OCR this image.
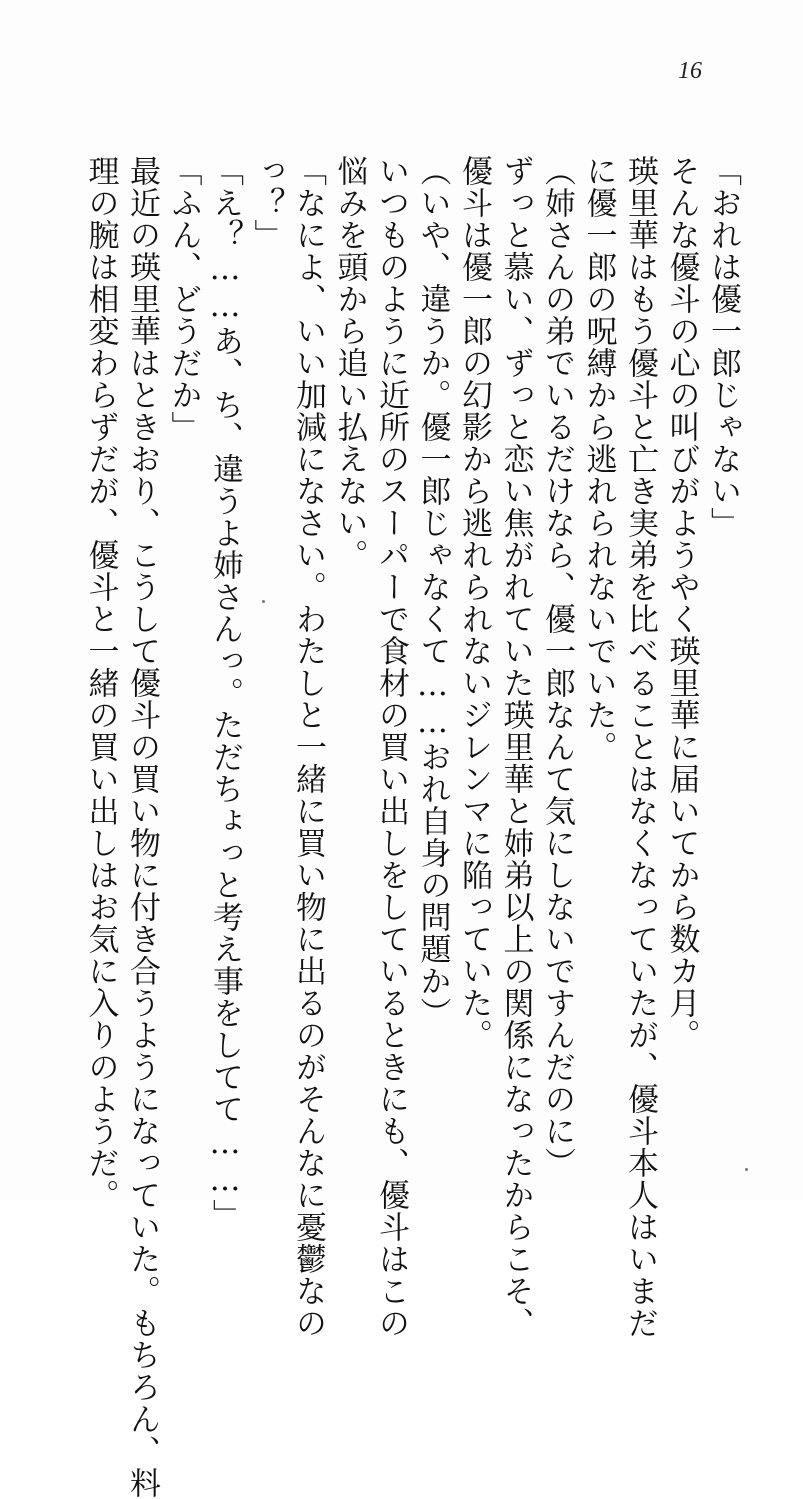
16
「おれは優一郎じゃない」
そんな優斗の心の叫びがようやく瑛里華に届いてから数カ月。
瑛里華はもう優斗と亡き実弟を比べることはなくなっていたが、優斗本人はいまだ
に優一郎の呪縛から逃れられないでいた。
（姉さんの弟でいるだけなら、優一郎なんて気にしないですんだのに）
ずっと慕い、ずっと恋い焦がれていた瑛里華と姉弟以上の関係になったからこそ、
優斗は優一郎の幻影から逃れられないジレンマに陥っていた。
（いや、違うか。優一郎じゃなくて……おれ自身の問題か）
いつものように近所のスーパーで食材の買い出しをしているときにも、優斗はこの
悩みを頭から追い払えない。
「なによ、いい加減になさい。わたしと一緒に買い物に出るのがそんなに憂鬱なの
っ？」
「え？……あ、ち、違うよ姉さんっ。ただちょっと考え事をしてて……」
「ふん、どうだか」
最近の瑛里華はときおり、こうして優斗の買い物に付き合うようになっていた。もちろん、料
理の腕は相変わらずだが、優斗と一緒の買い出しはお気に入りのようだ。
